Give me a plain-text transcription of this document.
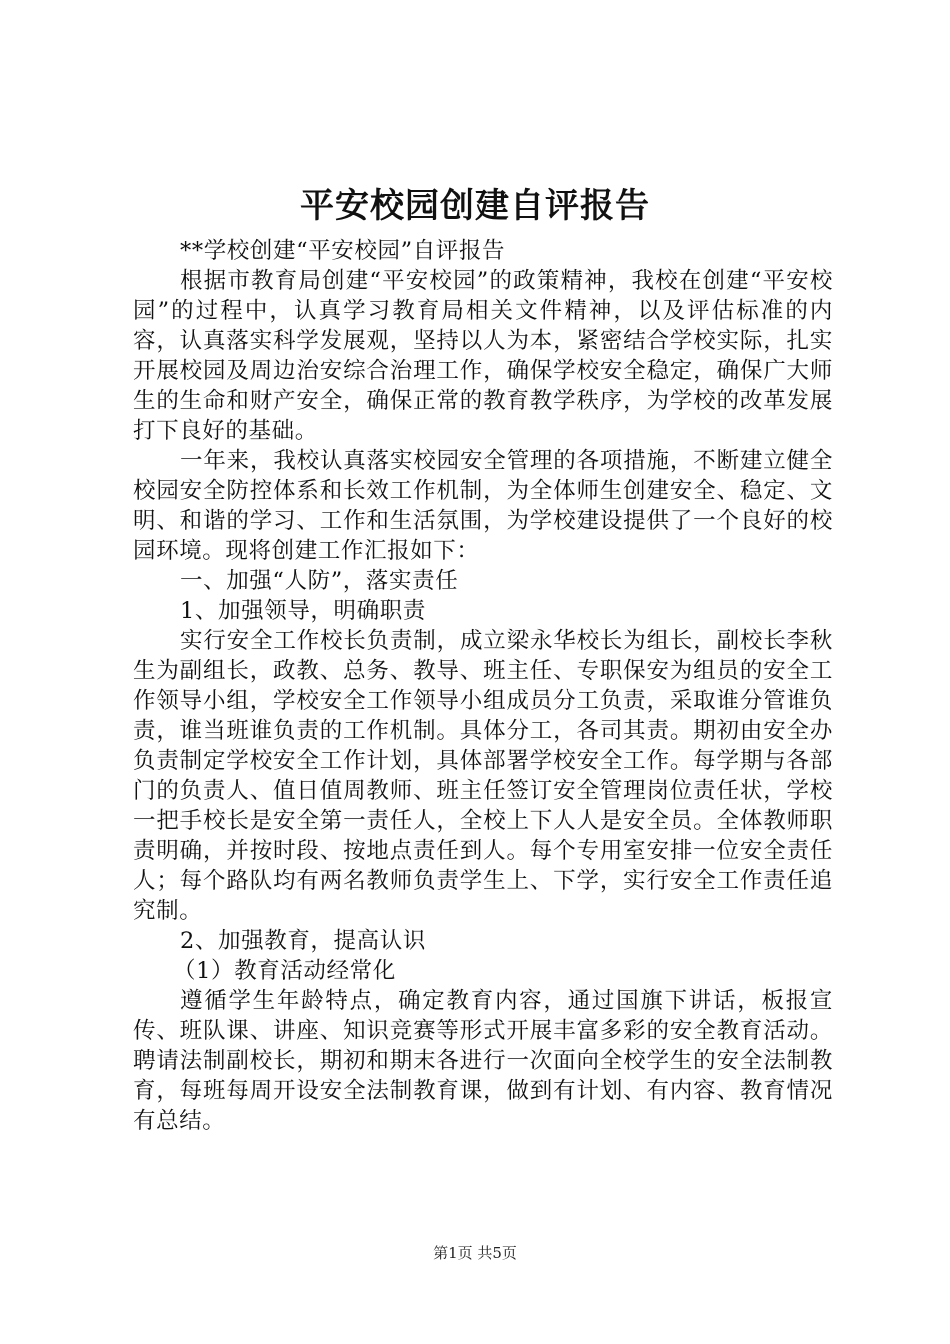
平安校园创建自评报告

**学校创建“平安校园”自评报告

根据市教育局创建“平安校园”的政策精神，我校在创建“平安校园”的过程中，认真学习教育局相关文件精神，以及评估标准的内容，认真落实科学发展观，坚持以人为本，紧密结合学校实际，扎实开展校园及周边治安综合治理工作，确保学校安全稳定，确保广大师生的生命和财产安全，确保正常的教育教学秩序，为学校的改革发展打下良好的基础。

一年来，我校认真落实校园安全管理的各项措施，不断建立健全校园安全防控体系和长效工作机制，为全体师生创建安全、稳定、文明、和谐的学习、工作和生活氛围，为学校建设提供了一个良好的校园环境。现将创建工作汇报如下：

一、加强“人防”，落实责任

1、加强领导，明确职责

实行安全工作校长负责制，成立梁永华校长为组长，副校长李秋生为副组长，政教、总务、教导、班主任、专职保安为组员的安全工作领导小组，学校安全工作领导小组成员分工负责，采取谁分管谁负责，谁当班谁负责的工作机制。具体分工，各司其责。期初由安全办负责制定学校安全工作计划，具体部署学校安全工作。每学期与各部门的负责人、值日值周教师、班主任签订安全管理岗位责任状，学校一把手校长是安全第一责任人，全校上下人人是安全员。全体教师职责明确，并按时段、按地点责任到人。每个专用室安排一位安全责任人；每个路队均有两名教师负责学生上、下学，实行安全工作责任追究制。

2、加强教育，提高认识

（1）教育活动经常化

遵循学生年龄特点，确定教育内容，通过国旗下讲话，板报宣传、班队课、讲座、知识竞赛等形式开展丰富多彩的安全教育活动。聘请法制副校长，期初和期末各进行一次面向全校学生的安全法制教育，每班每周开设安全法制教育课，做到有计划、有内容、教育情况有总结。

第1页 共5页
